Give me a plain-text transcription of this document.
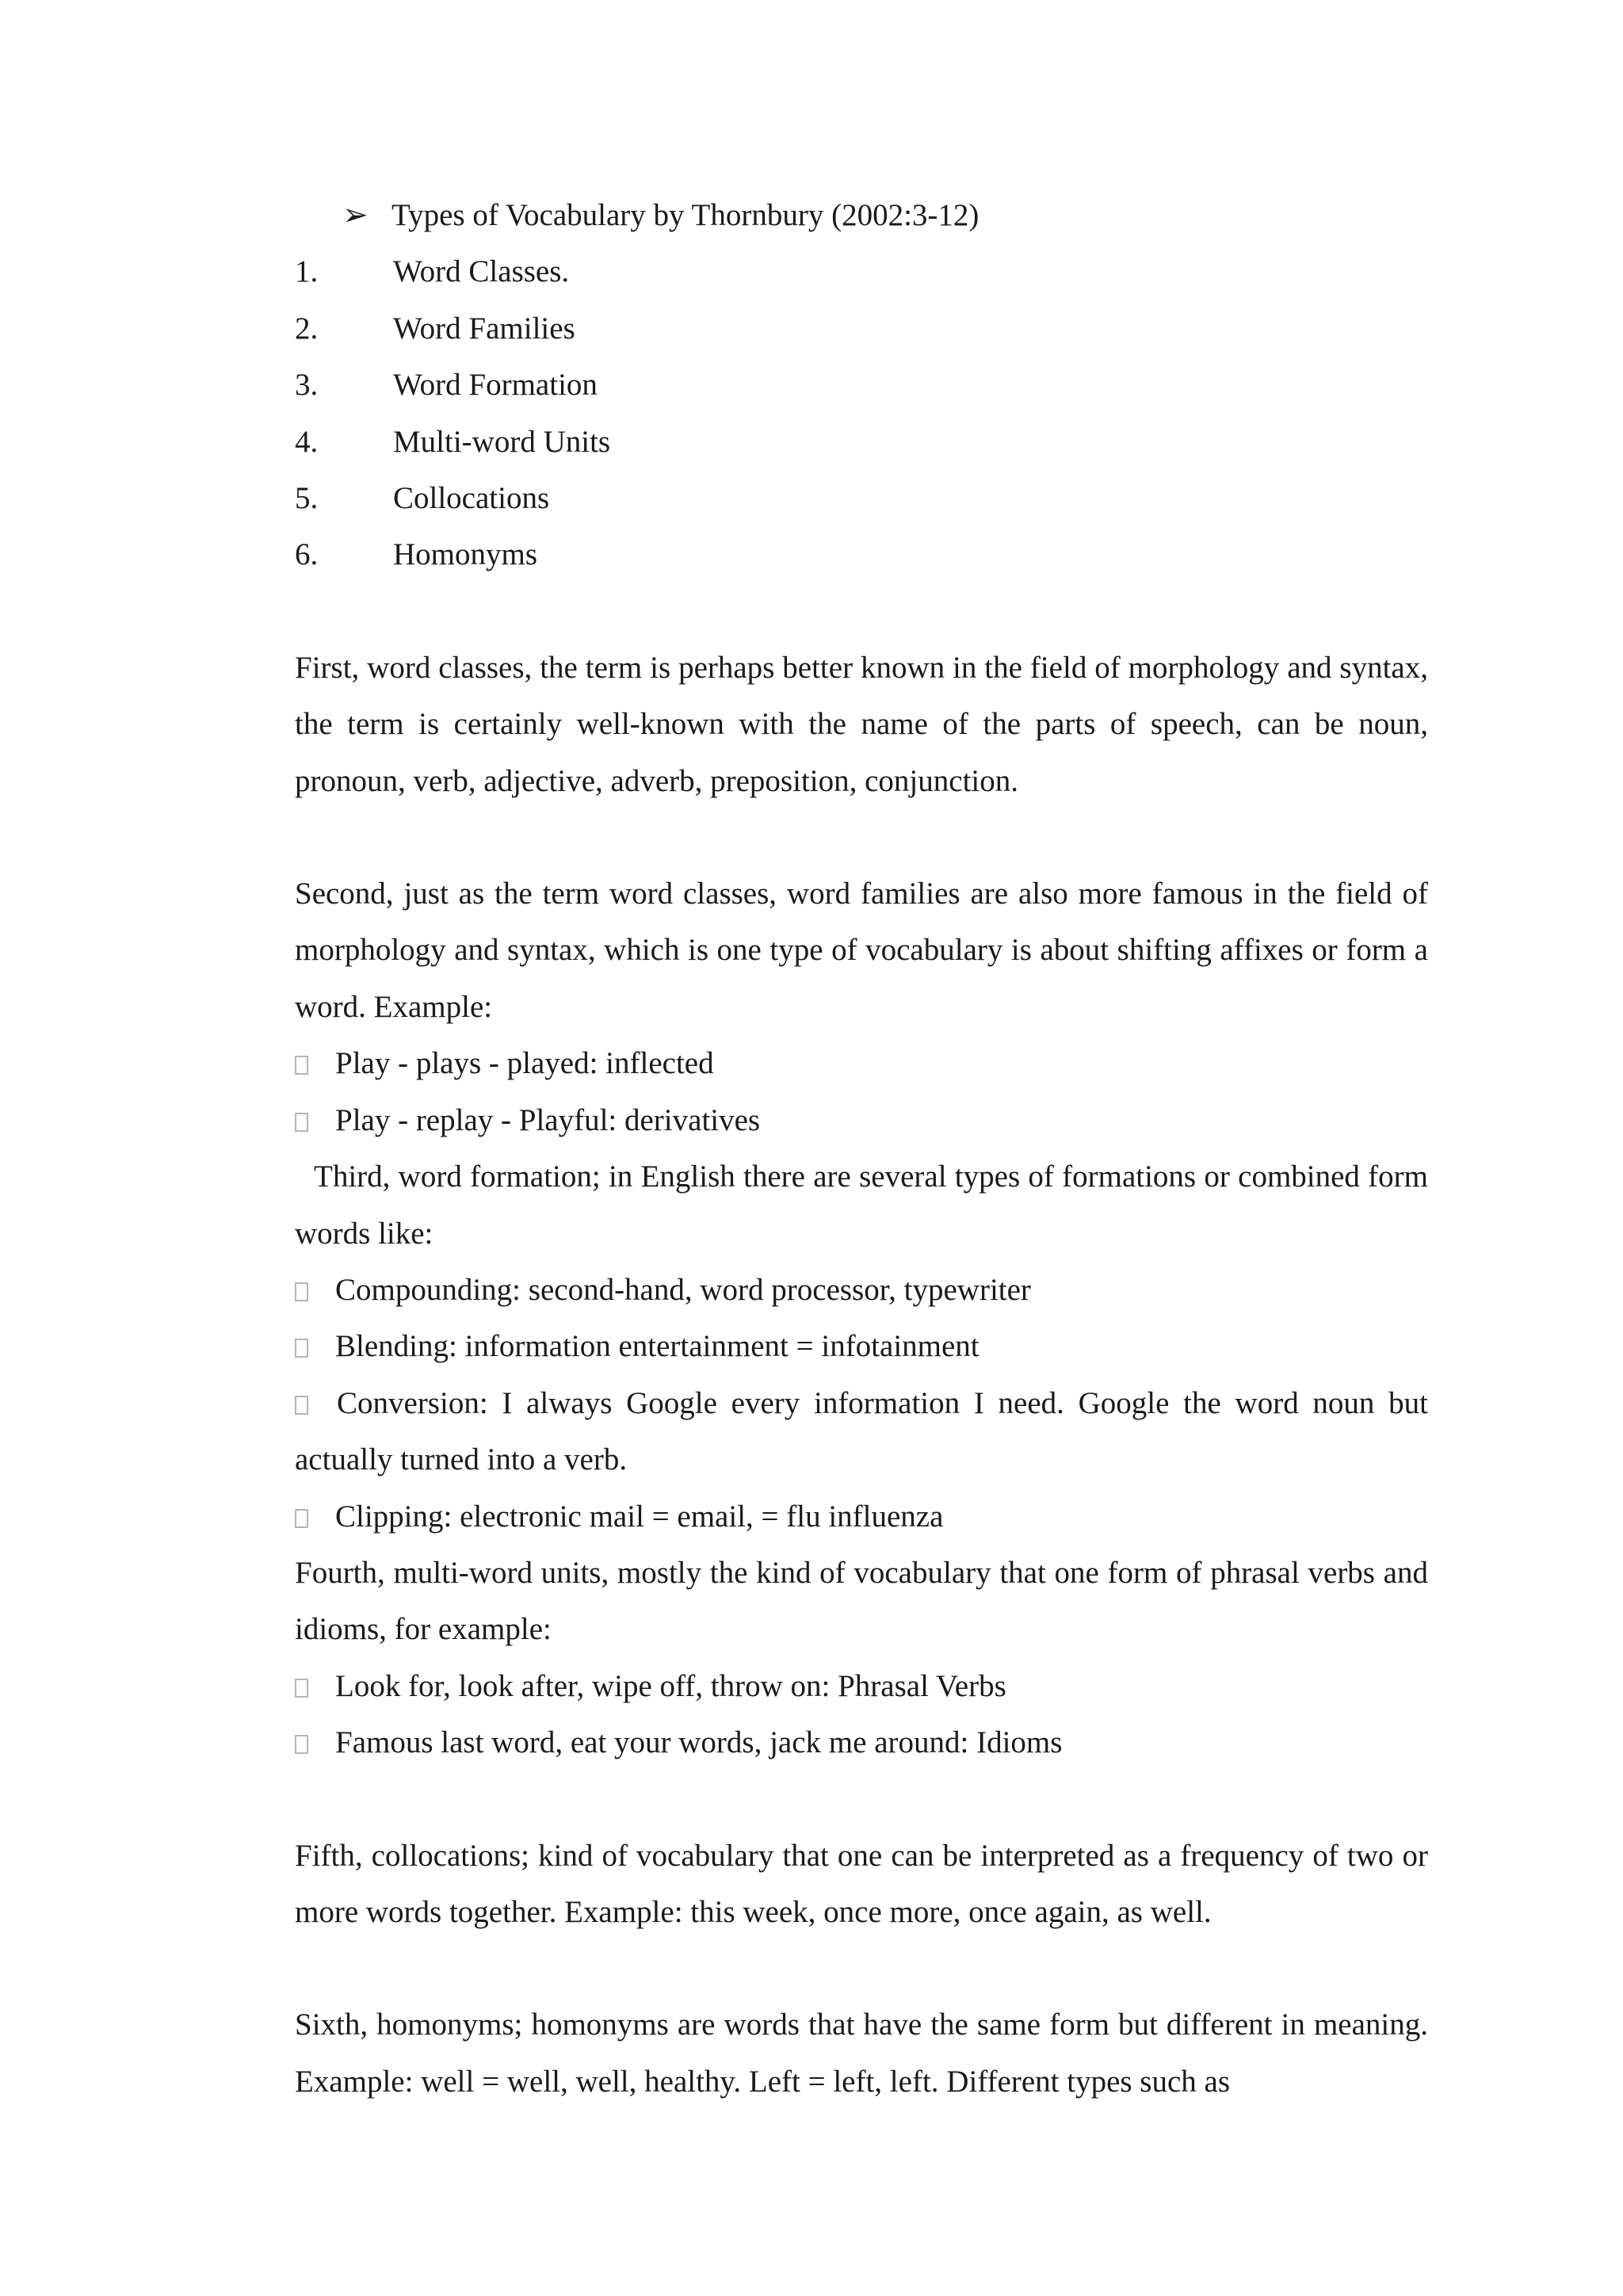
➢ Types of Vocabulary by Thornbury (2002:3-12)
1.	Word Classes.
2.	Word Families
3.	Word Formation
4.	Multi-word Units
5.	Collocations
6.	Homonyms

First, word classes, the term is perhaps better known in the field of morphology and syntax, the term is certainly well-known with the name of the parts of speech, can be noun, pronoun, verb, adjective, adverb, preposition, conjunction.

Second, just as the term word classes, word families are also more famous in the field of morphology and syntax, which is one type of vocabulary is about shifting affixes or form a word. Example:

Play - plays - played: inflected
Play - replay - Playful: derivatives

Third, word formation; in English there are several types of formations or combined form words like:

Compounding: second-hand, word processor, typewriter
Blending: information entertainment = infotainment

Conversion: I always Google every information I need. Google the word noun but actually turned into a verb.

Clipping: electronic mail = email, = flu influenza

Fourth, multi-word units, mostly the kind of vocabulary that one form of phrasal verbs and idioms, for example:

Look for, look after, wipe off, throw on: Phrasal Verbs
Famous last word, eat your words, jack me around: Idioms

Fifth, collocations; kind of vocabulary that one can be interpreted as a frequency of two or more words together. Example: this week, once more, once again, as well.

Sixth, homonyms; homonyms are words that have the same form but different in meaning. Example: well = well, well, healthy. Left = left, left. Different types such as
